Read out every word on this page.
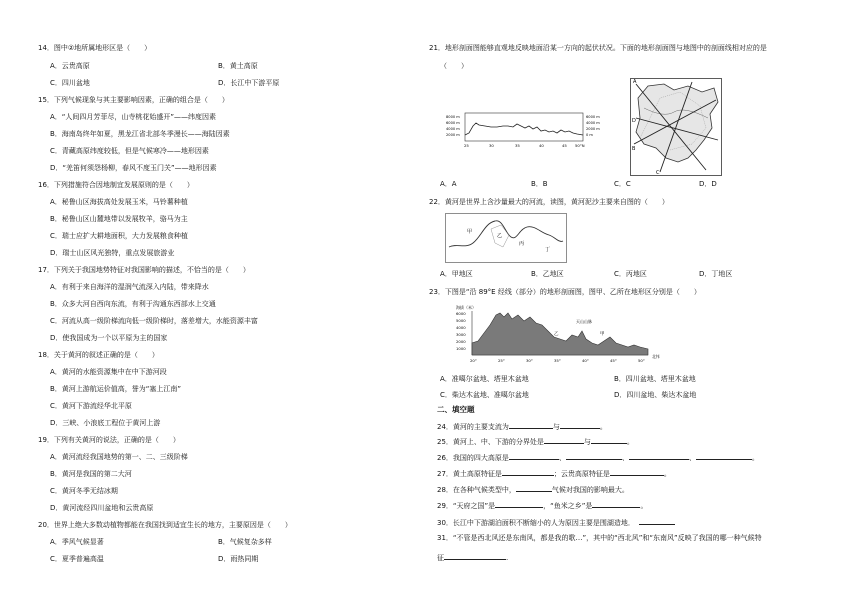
14．图中②地所属地形区是（　　）
A．云贵高原	B．黄土高原
C．四川盆地	D．长江中下游平原
15．下列气候现象与其主要影响因素，正确的组合是（　　）
A．“人间四月芳菲尽，山寺桃花始盛开”——纬度因素
B．海南岛终年如夏，黑龙江省北部冬季漫长——海陆因素
C．青藏高原纬度较低，但是气候寒冷——地形因素
D．“羌笛何须怨杨柳，春风不度玉门关”——地形因素
16．下列措施符合因地制宜发展原则的是（　　）
A．秘鲁山区海拔高处发展玉米，马铃薯种植
B．秘鲁山区山麓地带以发展牧羊，骆马为主
C．瑞士应扩大耕地面积，大力发展粮食种植
D．瑞士山区风光独特，重点发展旅游业
17．下列关于我国地势特征对我国影响的描述，不恰当的是（　　）
A．有利于来自海洋的湿润气流深入内陆，带来降水
B．众多大河自西向东流，有利于沟通东西部水上交通
C．河流从高一级阶梯流向低一级阶梯时，落差增大，水能资源丰富
D．使我国成为一个以平原为主的国家
18．关于黄河的叙述正确的是（　　）
A．黄河的水能资源集中在中下游河段
B．黄河上游航运价值高，誉为“塞上江南”
C．黄河下游流经华北平原
D．三峡、小浪底工程位于黄河上游
19．下列有关黄河的说法，正确的是（　　）
A．黄河流经我国地势的第一、二、三级阶梯
B．黄河是我国的第二大河
C．黄河冬季无结冰期
D．黄河流经四川盆地和云贵高原
20．世界上绝大多数动植物都能在我国找到适宜生长的地方，主要原因是（　　）
A．季风气候显著	B．气候复杂多样
C．夏季普遍高温	D．雨热同期
21．地形剖面图能够直观地反映地面沿某一方向的起伏状况。下面的地形剖面图与地图中的剖面线相对应的是
（　　）
8000 m
6000 m
4000 m
2000 m
6000 m
4000 m
2000 m
0 m
25	30	35	40	45 50°N
A
B
C
D
A．A	B．B	C．C	D．D
22．黄河是世界上含沙量最大的河流，读图，黄河泥沙主要来自图的（　　）
甲
乙
丙
丁
A．甲地区	B．乙地区	C．丙地区	D．丁地区
23．下图是“沿 89°E 经线（部分）的地形剖面图，图甲、乙所在地形区分别是（　　）
海拔（米）
6000
5000
4000
3000
2000
1000
天山山脉
乙	甲
20°	25°	30°	35°	40°	45°	50°
北纬
A．准噶尔盆地、塔里木盆地	B．四川盆地、塔里木盆地
C．柴达木盆地、准噶尔盆地	D．四川盆地、柴达木盆地
二、填空题
24．黄河的主要支流为	与	。
25．黄河上、中、下游的分界处是	与	。
26．我国的四大高原是	、	、	、	。
27．黄土高原特征是	；云贵高原特征是	。
28．在各种气候类型中，	气候对我国的影响最大。
29．“天府之国”是	，“鱼米之乡”是	。
30．长江中下游湖泊面积不断缩小的人为原因主要是围湖造地．
31．“不管是西北风还是东南风，都是我的歌…”，其中的“西北风”和“东南风”反映了我国的哪一种气候特
征	.
